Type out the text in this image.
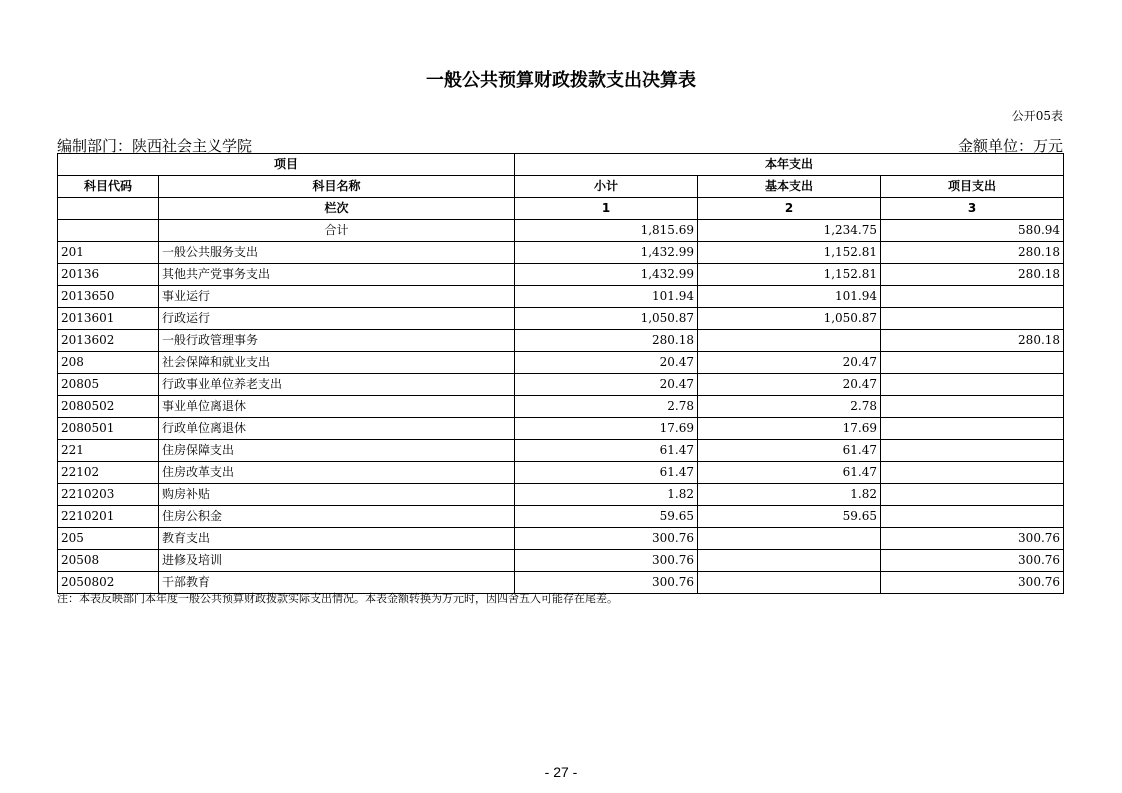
一般公共预算财政拨款支出决算表
公开05表
编制部门：陕西社会主义学院	金额单位：万元
项目		本年支出		
科目代码	科目名称	小计	基本支出	项目支出
	栏次	1	2	3
	合计	1,815.69	1,234.75	580.94
201	一般公共服务支出	1,432.99	1,152.81	280.18
20136	其他共产党事务支出	1,432.99	1,152.81	280.18
2013650	事业运行	101.94	101.94	
2013601	行政运行	1,050.87	1,050.87	
2013602	一般行政管理事务	280.18		280.18
208	社会保障和就业支出	20.47	20.47	
20805	行政事业单位养老支出	20.47	20.47	
2080502	事业单位离退休	2.78	2.78	
2080501	行政单位离退休	17.69	17.69	
221	住房保障支出	61.47	61.47	
22102	住房改革支出	61.47	61.47	
2210203	购房补贴	1.82	1.82	
2210201	住房公积金	59.65	59.65	
205	教育支出	300.76		300.76
20508	进修及培训	300.76		300.76
2050802	干部教育	300.76		300.76
注：本表反映部门本年度一般公共预算财政拨款实际支出情况。本表金额转换为万元时，因四舍五入可能存在尾差。
- 27 -
